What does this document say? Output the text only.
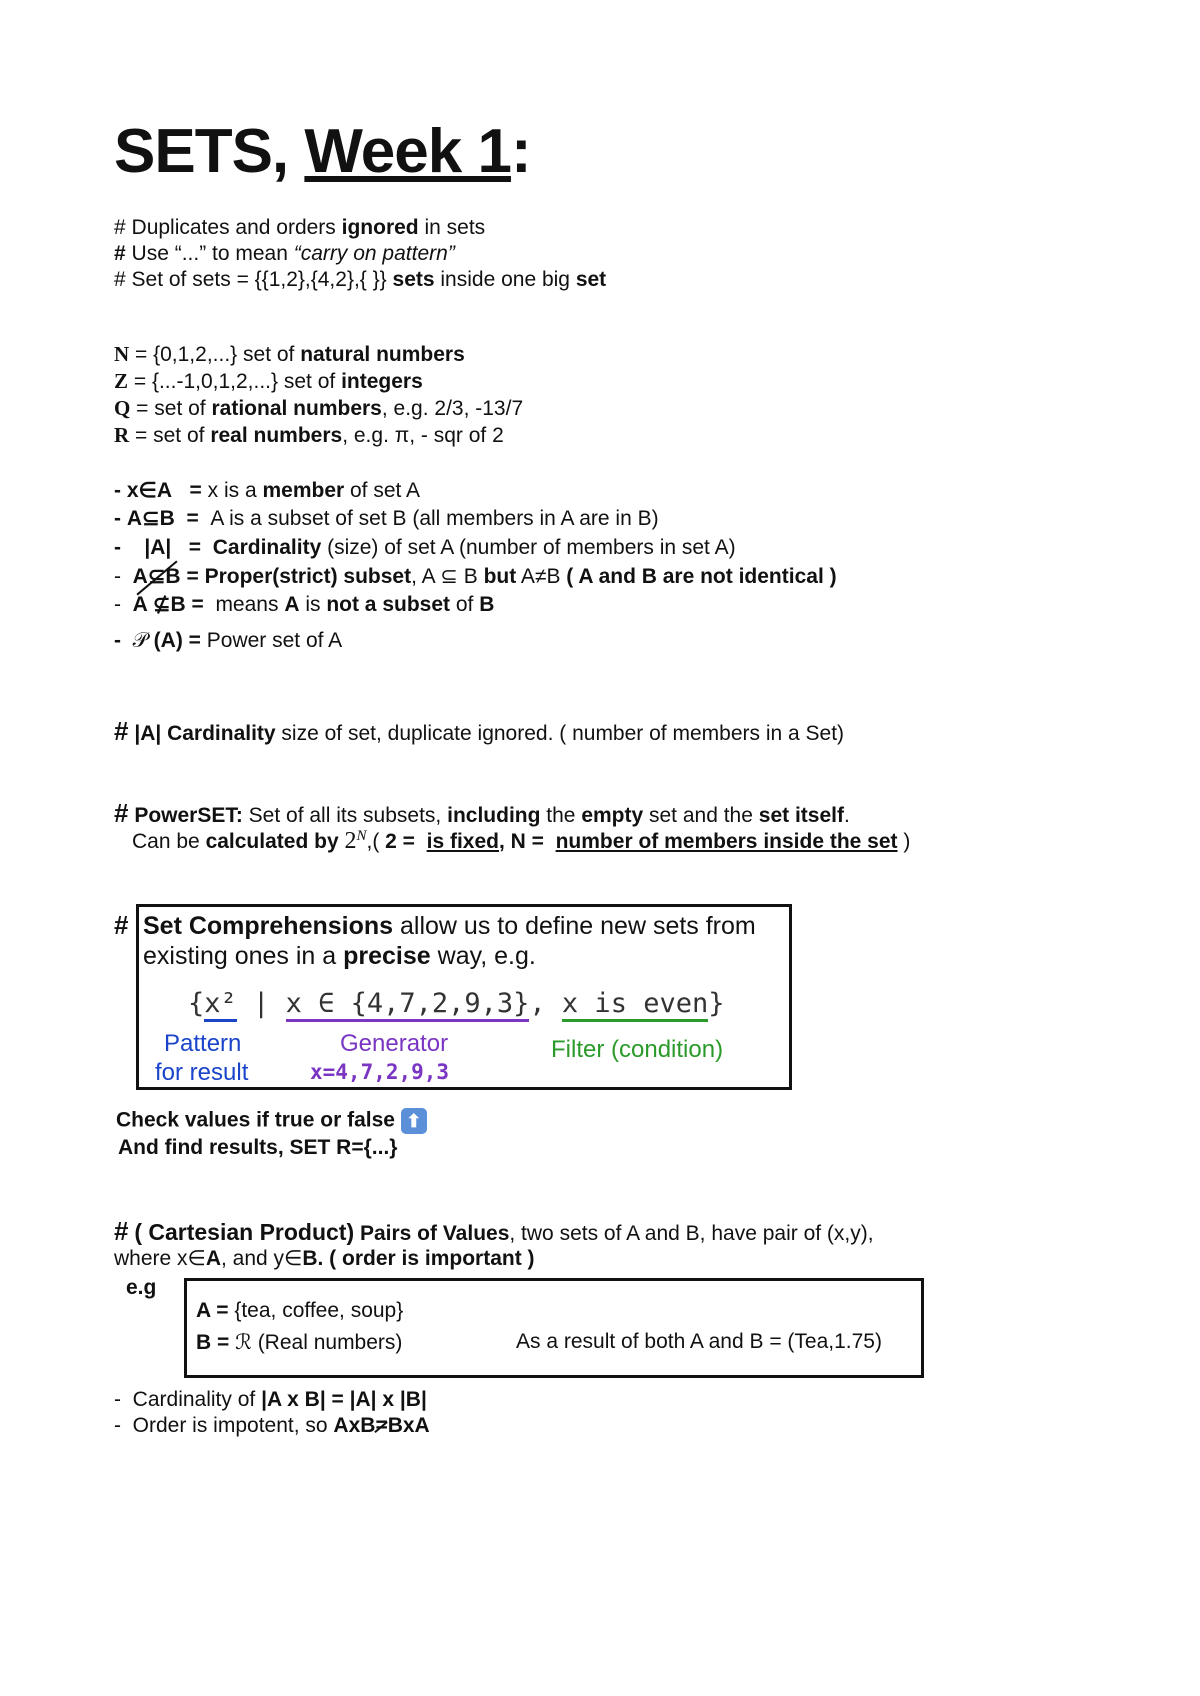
SETS, Week 1:
# Duplicates and orders ignored in sets
# Use “...” to mean “carry on pattern”
# Set of sets = {{1,2},{4,2},{ }} sets inside one big set
N = {0,1,2,...} set of natural numbers
Z = {...-1,0,1,2,...} set of integers
Q = set of rational numbers, e.g. 2/3, -13/7
R = set of real numbers, e.g. π, - sqr of 2
- x∈A = x is a member of set A
- A⊆B = A is a subset of set B (all members in A are in B)
- |A| = Cardinality (size) of set A (number of members in set A)
- A⊆B = Proper(strict) subset, A ⊆ B but A≠B ( A and B are not identical )
- A ⊈B = means A is not a subset of B
- 𝒫 (A) = Power set of A
# |A| Cardinality size of set, duplicate ignored. ( number of members in a Set)
# PowerSET: Set of all its subsets, including the empty set and the set itself.
Can be calculated by $2^N$,( 2 = is fixed, N =  number of members inside the set )
# Set Comprehensions allow us to define new sets from
existing ones in a precise way, e.g.
{x² | x ∈ {4,7,2,9,3}, x is even}
Pattern
for result
Generator
x=4,7,2,9,3
Filter (condition)
Check values if true or false ⬆
And find results, SET R={...}
# ( Cartesian Product) Pairs of Values, two sets of A and B, have pair of (x,y),
where x∈A, and y∈B. ( order is important )
e.g
A = {tea, coffee, soup}
B = ℛ (Real numbers)	As a result of both A and B = (Tea,1.75)
-  Cardinality of |A x B| = |A| x |B|
-  Order is impotent, so AxB=BxA
